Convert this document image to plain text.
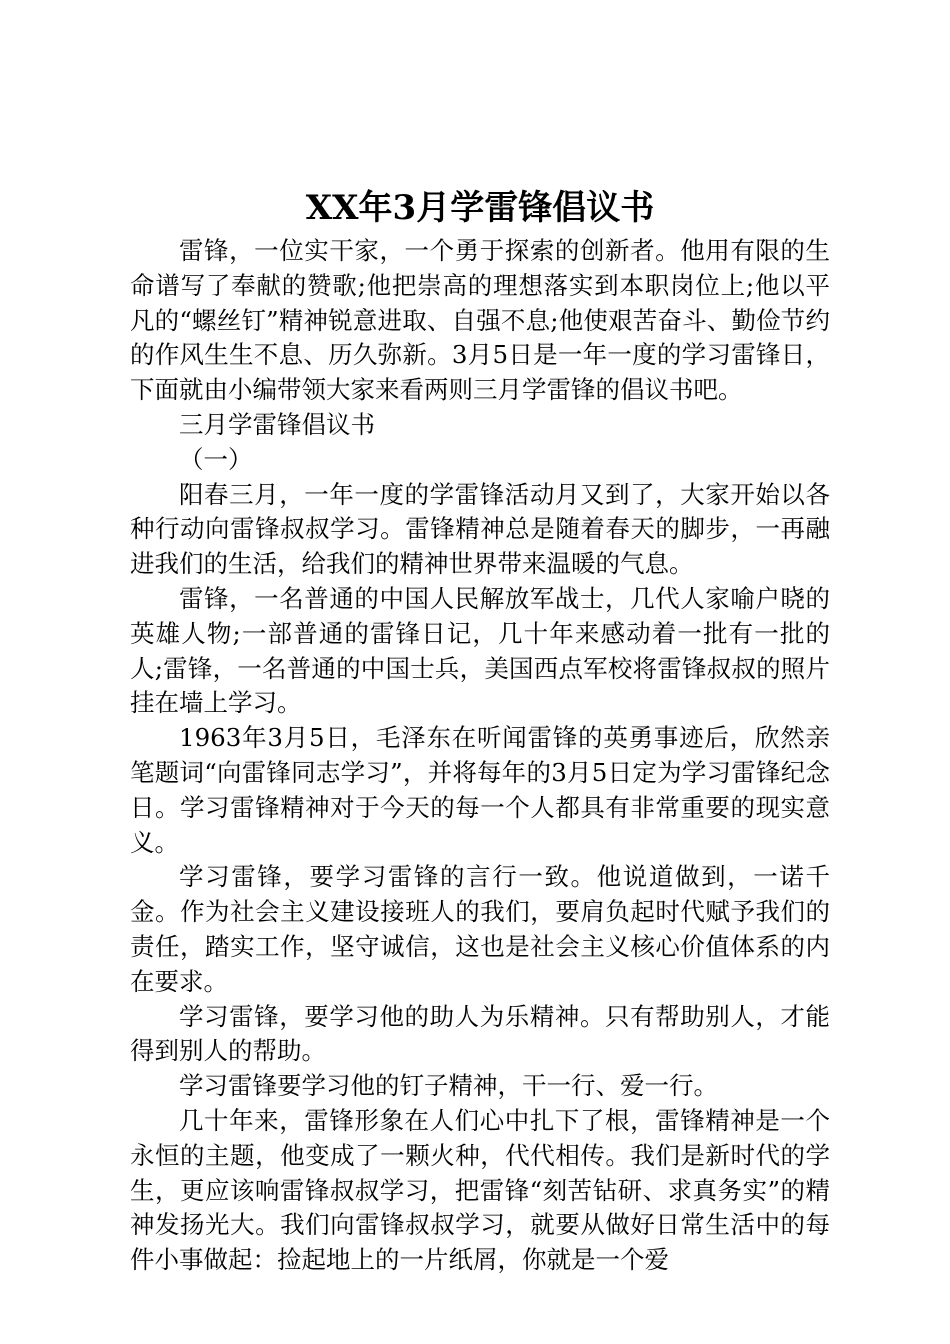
XX年3月学雷锋倡议书

雷锋，一位实干家，一个勇于探索的创新者。他用有限的生命谱写了奉献的赞歌;他把崇高的理想落实到本职岗位上;他以平凡的“螺丝钉”精神锐意进取、自强不息;他使艰苦奋斗、勤俭节约的作风生生不息、历久弥新。3月5日是一年一度的学习雷锋日，下面就由小编带领大家来看两则三月学雷锋的倡议书吧。

三月学雷锋倡议书

（一）

阳春三月，一年一度的学雷锋活动月又到了，大家开始以各种行动向雷锋叔叔学习。雷锋精神总是随着春天的脚步，一再融进我们的生活，给我们的精神世界带来温暖的气息。

雷锋，一名普通的中国人民解放军战士，几代人家喻户晓的英雄人物;一部普通的雷锋日记，几十年来感动着一批有一批的人;雷锋，一名普通的中国士兵，美国西点军校将雷锋叔叔的照片挂在墙上学习。

1963年3月5日，毛泽东在听闻雷锋的英勇事迹后，欣然亲笔题词“向雷锋同志学习”，并将每年的3月5日定为学习雷锋纪念日。学习雷锋精神对于今天的每一个人都具有非常重要的现实意义。

学习雷锋，要学习雷锋的言行一致。他说道做到，一诺千金。作为社会主义建设接班人的我们，要肩负起时代赋予我们的责任，踏实工作，坚守诚信，这也是社会主义核心价值体系的内在要求。

学习雷锋，要学习他的助人为乐精神。只有帮助别人，才能得到别人的帮助。

学习雷锋要学习他的钉子精神，干一行、爱一行。

几十年来，雷锋形象在人们心中扎下了根，雷锋精神是一个永恒的主题，他变成了一颗火种，代代相传。我们是新时代的学生，更应该响雷锋叔叔学习，把雷锋“刻苦钻研、求真务实”的精神发扬光大。我们向雷锋叔叔学习，就要从做好日常生活中的每件小事做起：捡起地上的一片纸屑，你就是一个爱
